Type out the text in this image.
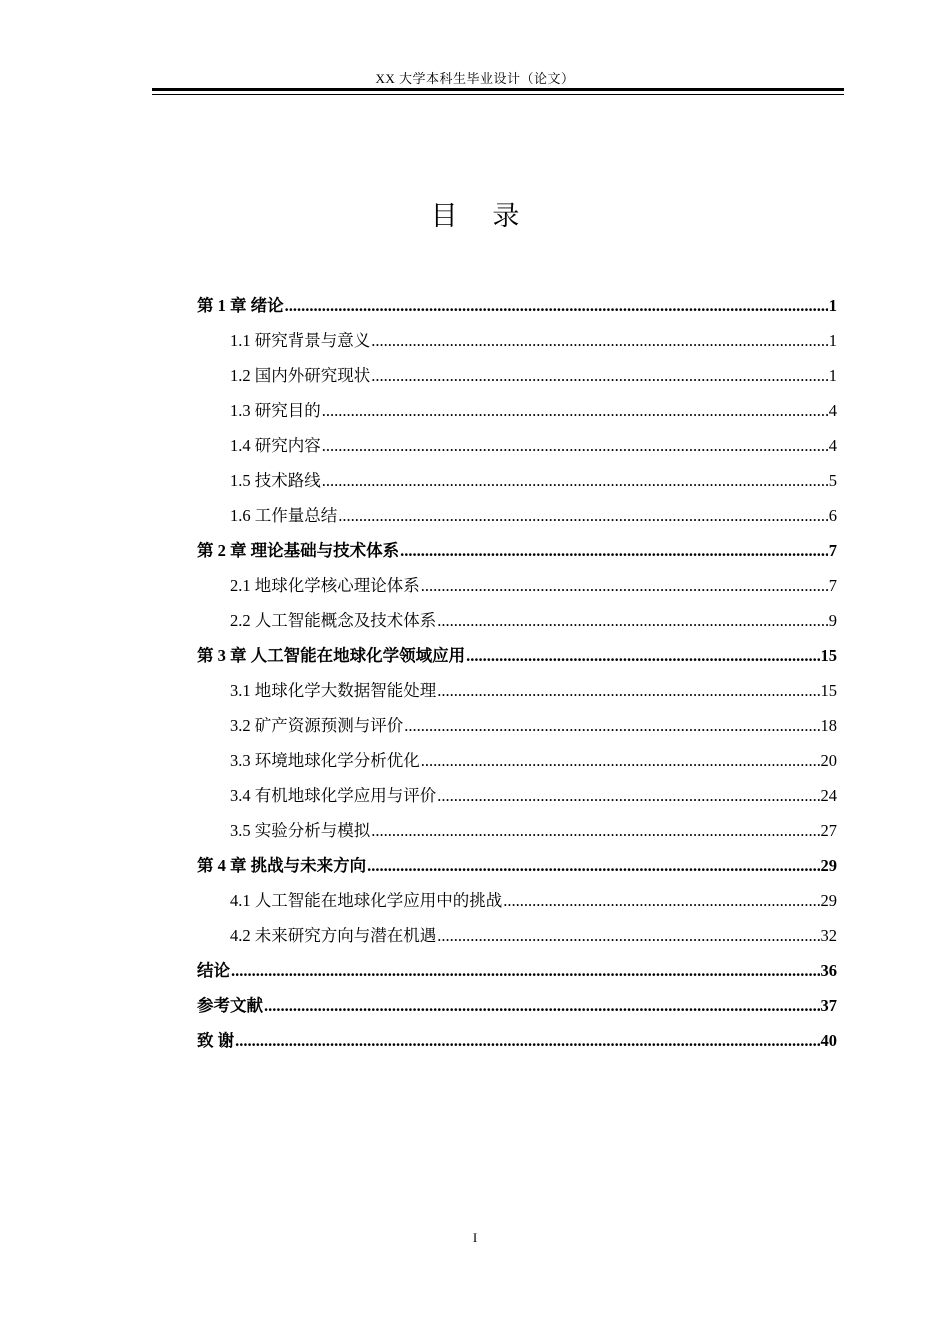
XX 大学本科生毕业设计（论文）
目 录
第 1 章 绪论 .....	1
1.1 研究背景与意义 .....	1
1.2 国内外研究现状 .....	1
1.3 研究目的 .....	4
1.4 研究内容 .....	4
1.5 技术路线 .....	5
1.6 工作量总结 .....	6
第 2 章 理论基础与技术体系 .....	7
2.1 地球化学核心理论体系 .....	7
2.2 人工智能概念及技术体系 .....	9
第 3 章 人工智能在地球化学领域应用 .....	15
3.1 地球化学大数据智能处理 .....	15
3.2 矿产资源预测与评价 .....	18
3.3 环境地球化学分析优化 .....	20
3.4 有机地球化学应用与评价 .....	24
3.5 实验分析与模拟 .....	27
第 4 章 挑战与未来方向 .....	29
4.1 人工智能在地球化学应用中的挑战 .....	29
4.2 未来研究方向与潜在机遇 .....	32
结论 .....	36
参考文献 .....	37
致 谢 .....	40
I
